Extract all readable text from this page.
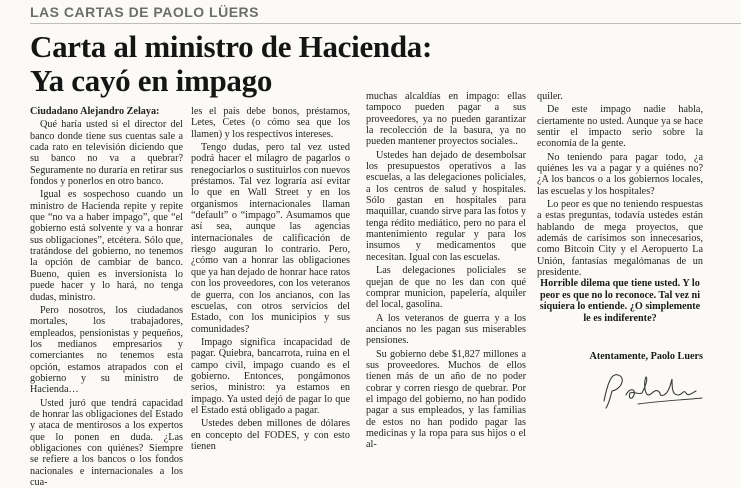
LAS CARTAS DE PAOLO LÜERS
Carta al ministro de Hacienda:
Ya cayó en impago

Ciudadano Alejandro Zelaya:

Qué haría usted si el director del banco donde tiene sus cuentas sale a cada rato en televisión diciendo que su banco no va a quebrar? Seguramente no duraría en retirar sus fondos y ponerlos en otro banco.

Igual es sospechoso cuando un ministro de Hacienda repite y repite que “no va a haber impago”, que “el gobierno está solvente y va a honrar sus obligaciones”, etcétera. Sólo que, tratándose del gobierno, no tenemos la opción de cambiar de banco. Bueno, quien es inversionista lo puede hacer y lo hará, no tenga dudas, ministro.

Pero nosotros, los ciudadanos mortales, los trabajadores, empleados, pensionistas y pequeños, los medianos empresarios y comerciantes no tenemos esta opción, estamos atrapados con el gobierno y su ministro de Hacienda…

Usted juró que tendrá capacidad de honrar las obligaciones del Estado y ataca de mentirosos a los expertos que lo ponen en duda. ¿Las obligaciones con quiénes? Siempre se refiere a los bancos o los fondos nacionales e internacionales a los cua-

les el país debe bonos, préstamos, Letes, Cetes (o cómo sea que los llamen) y los respectivos intereses.

Tengo dudas, pero tal vez usted podrá hacer el milagro de pagarlos o renegociarlos o sustituirlos con nuevos préstamos. Tal vez lograría así evitar lo que en Wall Street y en los organismos internacionales llaman “default” o “impago”. Asumamos que así sea, aunque las agencias internacionales de calificación de riesgo auguran lo contrario. Pero, ¿cómo van a honrar las obligaciones que ya han dejado de honrar hace ratos con los proveedores, con los veteranos de guerra, con los ancianos, con las escuelas, con otros servicios del Estado, con los municipios y sus comunidades?

Impago significa incapacidad de pagar. Quiebra, bancarrota, ruina en el campo civil, impago cuando es el gobierno. Entonces, pongámonos serios, ministro: ya estamos en impago. Ya usted dejó de pagar lo que el Estado está obligado a pagar.

Ustedes deben millones de dólares en concepto del FODES, y con esto tienen

muchas alcaldías en impago: ellas tampoco pueden pagar a sus proveedores, ya no pueden garantizar la recolección de la basura, ya no pueden mantener proyectos sociales..

Ustedes han dejado de desembolsar los presupuestos operativos a las escuelas, a las delegaciones policiales, a los centros de salud y hospitales. Sólo gastan en hospitales para maquillar, cuando sirve para las fotos y tenga rédito mediático, pero no para el mantenimiento regular y para los insumos y medicamentos que necesitan. Igual con las escuelas.

Las delegaciones policiales se quejan de que no les dan con qué comprar municion, papelería, alquiler del local, gasolina.

A los veteranos de guerra y a los ancianos no les pagan sus miserables pensiones.

Su gobierno debe $1,827 millones a sus proveedores. Muchos de ellos tienen más de un año de no poder cobrar y corren riesgo de quebrar. Por el impago del gobierno, no han podido pagar a sus empleados, y las familias de estos no han podido pagar las medicinas y la ropa para sus hijos o el al-

quiler.

De este impago nadie habla, ciertamente no usted. Aunque ya se hace sentir el impacto serio sobre la economía de la gente.

No teniendo para pagar todo, ¿a quiénes les va a pagar y a quiénes no? ¿A los bancos o a los gobiernos locales, las escuelas y los hospitales?

Lo peor es que no teniendo respuestas a estas preguntas, todavía ustedes están hablando de mega proyectos, que además de carísimos son innecesarios, como Bitcoin City y el Aeropuerto La Unión, fantasías megalómanas de un presidente.

Horrible dilema que tiene usted. Y lo peor es que no lo reconoce. Tal vez ni siquiera lo entiende. ¿O simplemente le es indiferente?
Atentamente, Paolo Luers
